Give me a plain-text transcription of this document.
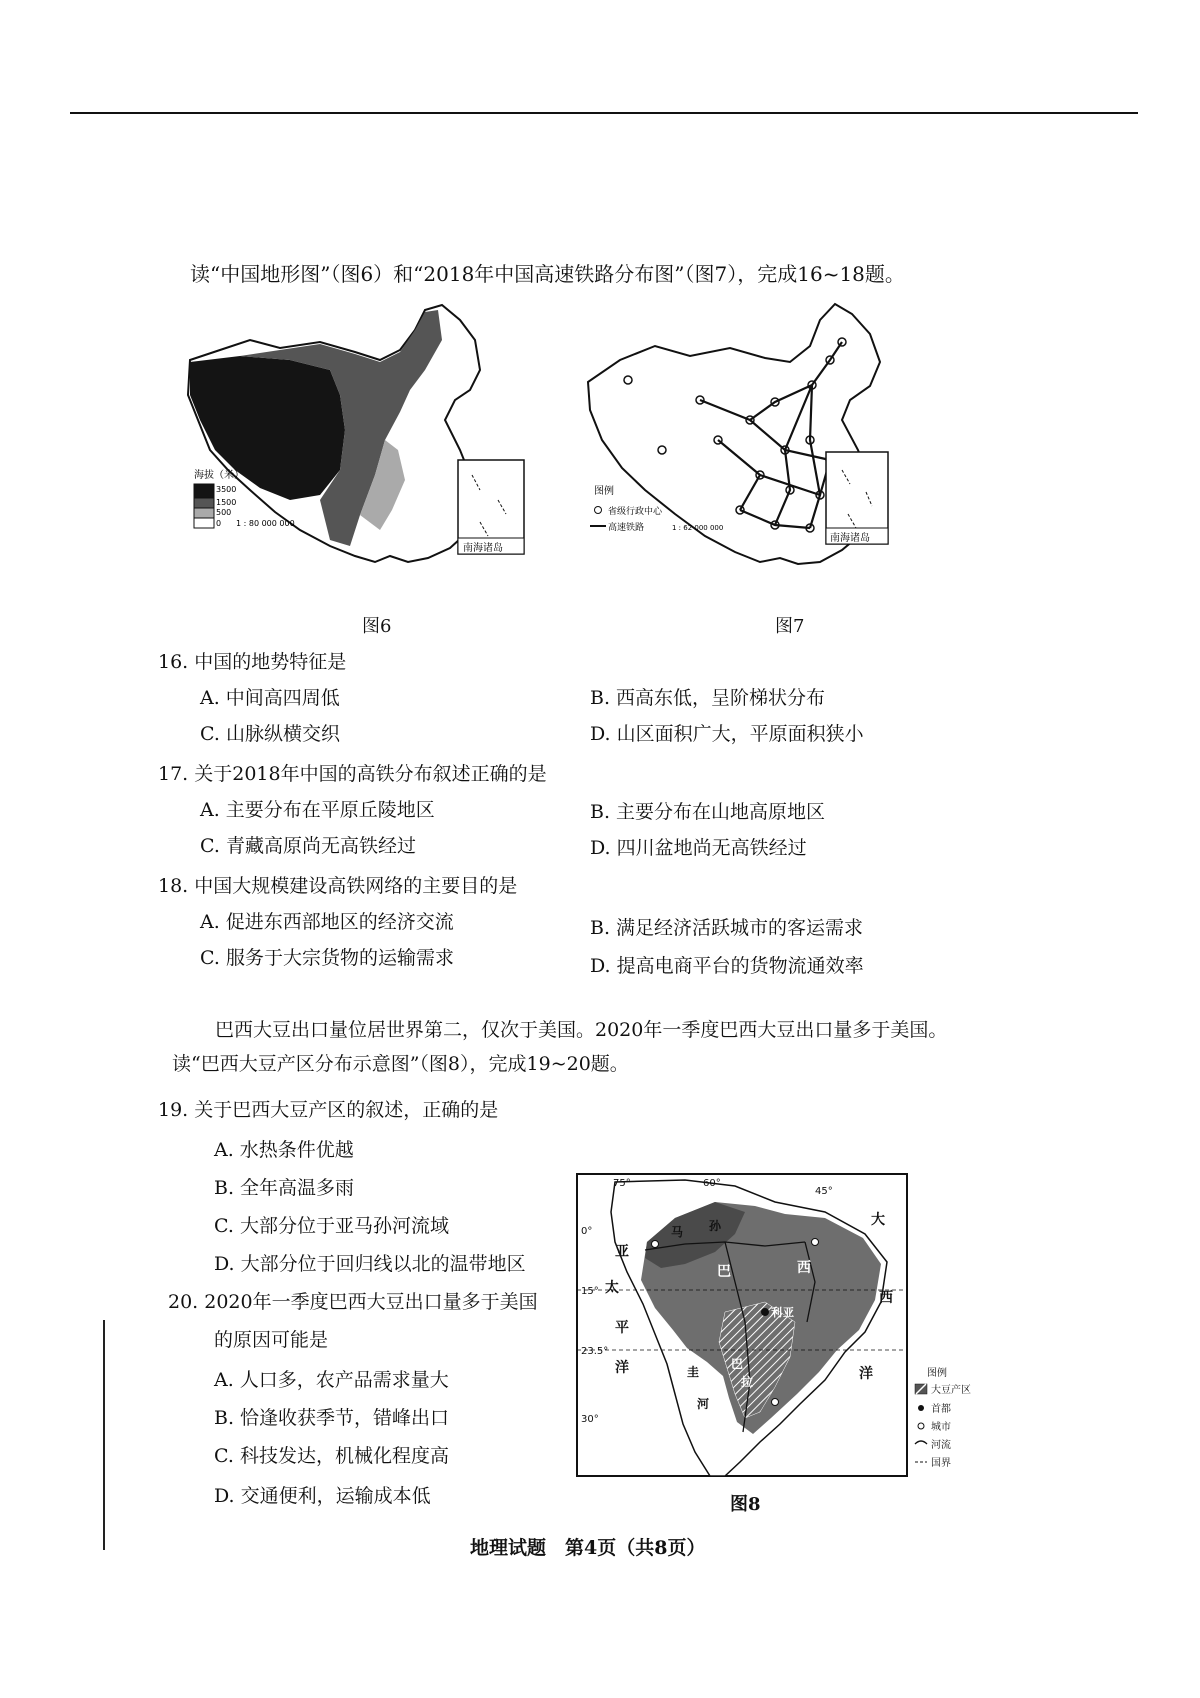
读“中国地形图”（图6）和“2018年中国高速铁路分布图”（图7），完成16~18题。
南海诸岛
海拔（米）
3500
1500
500
0 1 : 80 000 000
图6
南海诸岛
图例
省级行政中心
高速铁路	1 : 62 000 000
图7
16. 中国的地势特征是
A. 中间高四周低	B. 西高东低，呈阶梯状分布
C. 山脉纵横交织	D. 山区面积广大，平原面积狭小
17. 关于2018年中国的高铁分布叙述正确的是
A. 主要分布在平原丘陵地区	B. 主要分布在山地高原地区
C. 青藏高原尚无高铁经过	D. 四川盆地尚无高铁经过
18. 中国大规模建设高铁网络的主要目的是
A. 促进东西部地区的经济交流	B. 满足经济活跃城市的客运需求
C. 服务于大宗货物的运输需求	D. 提高电商平台的货物流通效率
巴西大豆出口量位居世界第二，仅次于美国。2020年一季度巴西大豆出口量多于美国。
读“巴西大豆产区分布示意图”（图8），完成19~20题。
19. 关于巴西大豆产区的叙述，正确的是
A. 水热条件优越
B. 全年高温多雨
C. 大部分位于亚马孙河流域
D. 大部分位于回归线以北的温带地区
20. 2020年一季度巴西大豆出口量多于美国
的原因可能是
A. 人口多，农产品需求量大
B. 恰逢收获季节，错峰出口
C. 科技发达，机械化程度高
D. 交通便利，运输成本低
75°	60°
45°
0°
15°
23.5°
30°
亚
马 孙
巴	西
利 亚
巴
拉
圭
河
大
西
洋
太
平
洋	图例
大豆产区
首都
城市
河流
国界
图8
地理试题　第4页（共8页）
